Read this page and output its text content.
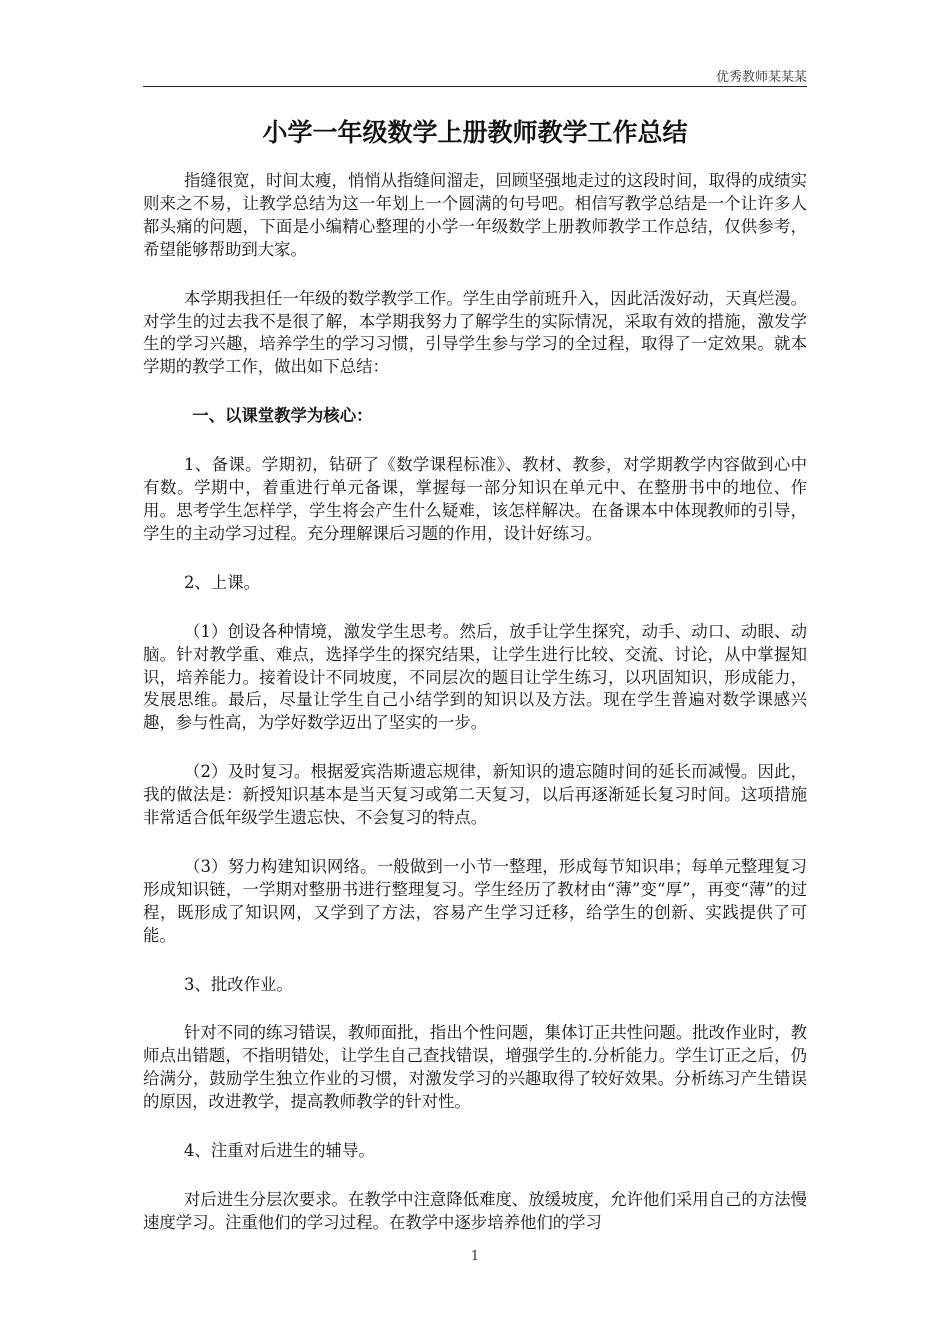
优秀教师某某某
小学一年级数学上册教师教学工作总结

指缝很宽，时间太瘦，悄悄从指缝间溜走，回顾坚强地走过的这段时间，取得的成绩实则来之不易，让教学总结为这一年划上一个圆满的句号吧。相信写教学总结是一个让许多人都头痛的问题，下面是小编精心整理的小学一年级数学上册教师教学工作总结，仅供参考，希望能够帮助到大家。

本学期我担任一年级的数学教学工作。学生由学前班升入，因此活泼好动，天真烂漫。对学生的过去我不是很了解，本学期我努力了解学生的实际情况，采取有效的措施，激发学生的学习兴趣，培养学生的学习习惯，引导学生参与学习的全过程，取得了一定效果。就本学期的教学工作，做出如下总结：

一、以课堂教学为核心：

1、备课。学期初，钻研了《数学课程标准》、教材、教参，对学期教学内容做到心中有数。学期中，着重进行单元备课，掌握每一部分知识在单元中、在整册书中的地位、作用。思考学生怎样学，学生将会产生什么疑难，该怎样解决。在备课本中体现教师的引导，学生的主动学习过程。充分理解课后习题的作用，设计好练习。

2、上课。

（1）创设各种情境，激发学生思考。然后，放手让学生探究，动手、动口、动眼、动脑。针对教学重、难点，选择学生的探究结果，让学生进行比较、交流、讨论，从中掌握知识，培养能力。接着设计不同坡度，不同层次的题目让学生练习，以巩固知识，形成能力，发展思维。最后，尽量让学生自己小结学到的知识以及方法。现在学生普遍对数学课感兴趣，参与性高，为学好数学迈出了坚实的一步。

（2）及时复习。根据爱宾浩斯遗忘规律，新知识的遗忘随时间的延长而减慢。因此，我的做法是：新授知识基本是当天复习或第二天复习，以后再逐渐延长复习时间。这项措施非常适合低年级学生遗忘快、不会复习的特点。

（3）努力构建知识网络。一般做到一小节一整理，形成每节知识串；每单元整理复习形成知识链，一学期对整册书进行整理复习。学生经历了教材由“薄”变“厚”，再变“薄”的过程，既形成了知识网，又学到了方法，容易产生学习迁移，给学生的创新、实践提供了可能。

3、批改作业。

针对不同的练习错误，教师面批，指出个性问题，集体订正共性问题。批改作业时，教师点出错题，不指明错处，让学生自己查找错误，增强学生的.分析能力。学生订正之后，仍给满分，鼓励学生独立作业的习惯，对激发学习的兴趣取得了较好效果。分析练习产生错误的原因，改进教学，提高教师教学的针对性。

4、注重对后进生的辅导。

对后进生分层次要求。在教学中注意降低难度、放缓坡度，允许他们采用自己的方法慢速度学习。注重他们的学习过程。在教学中逐步培养他们的学习

1
